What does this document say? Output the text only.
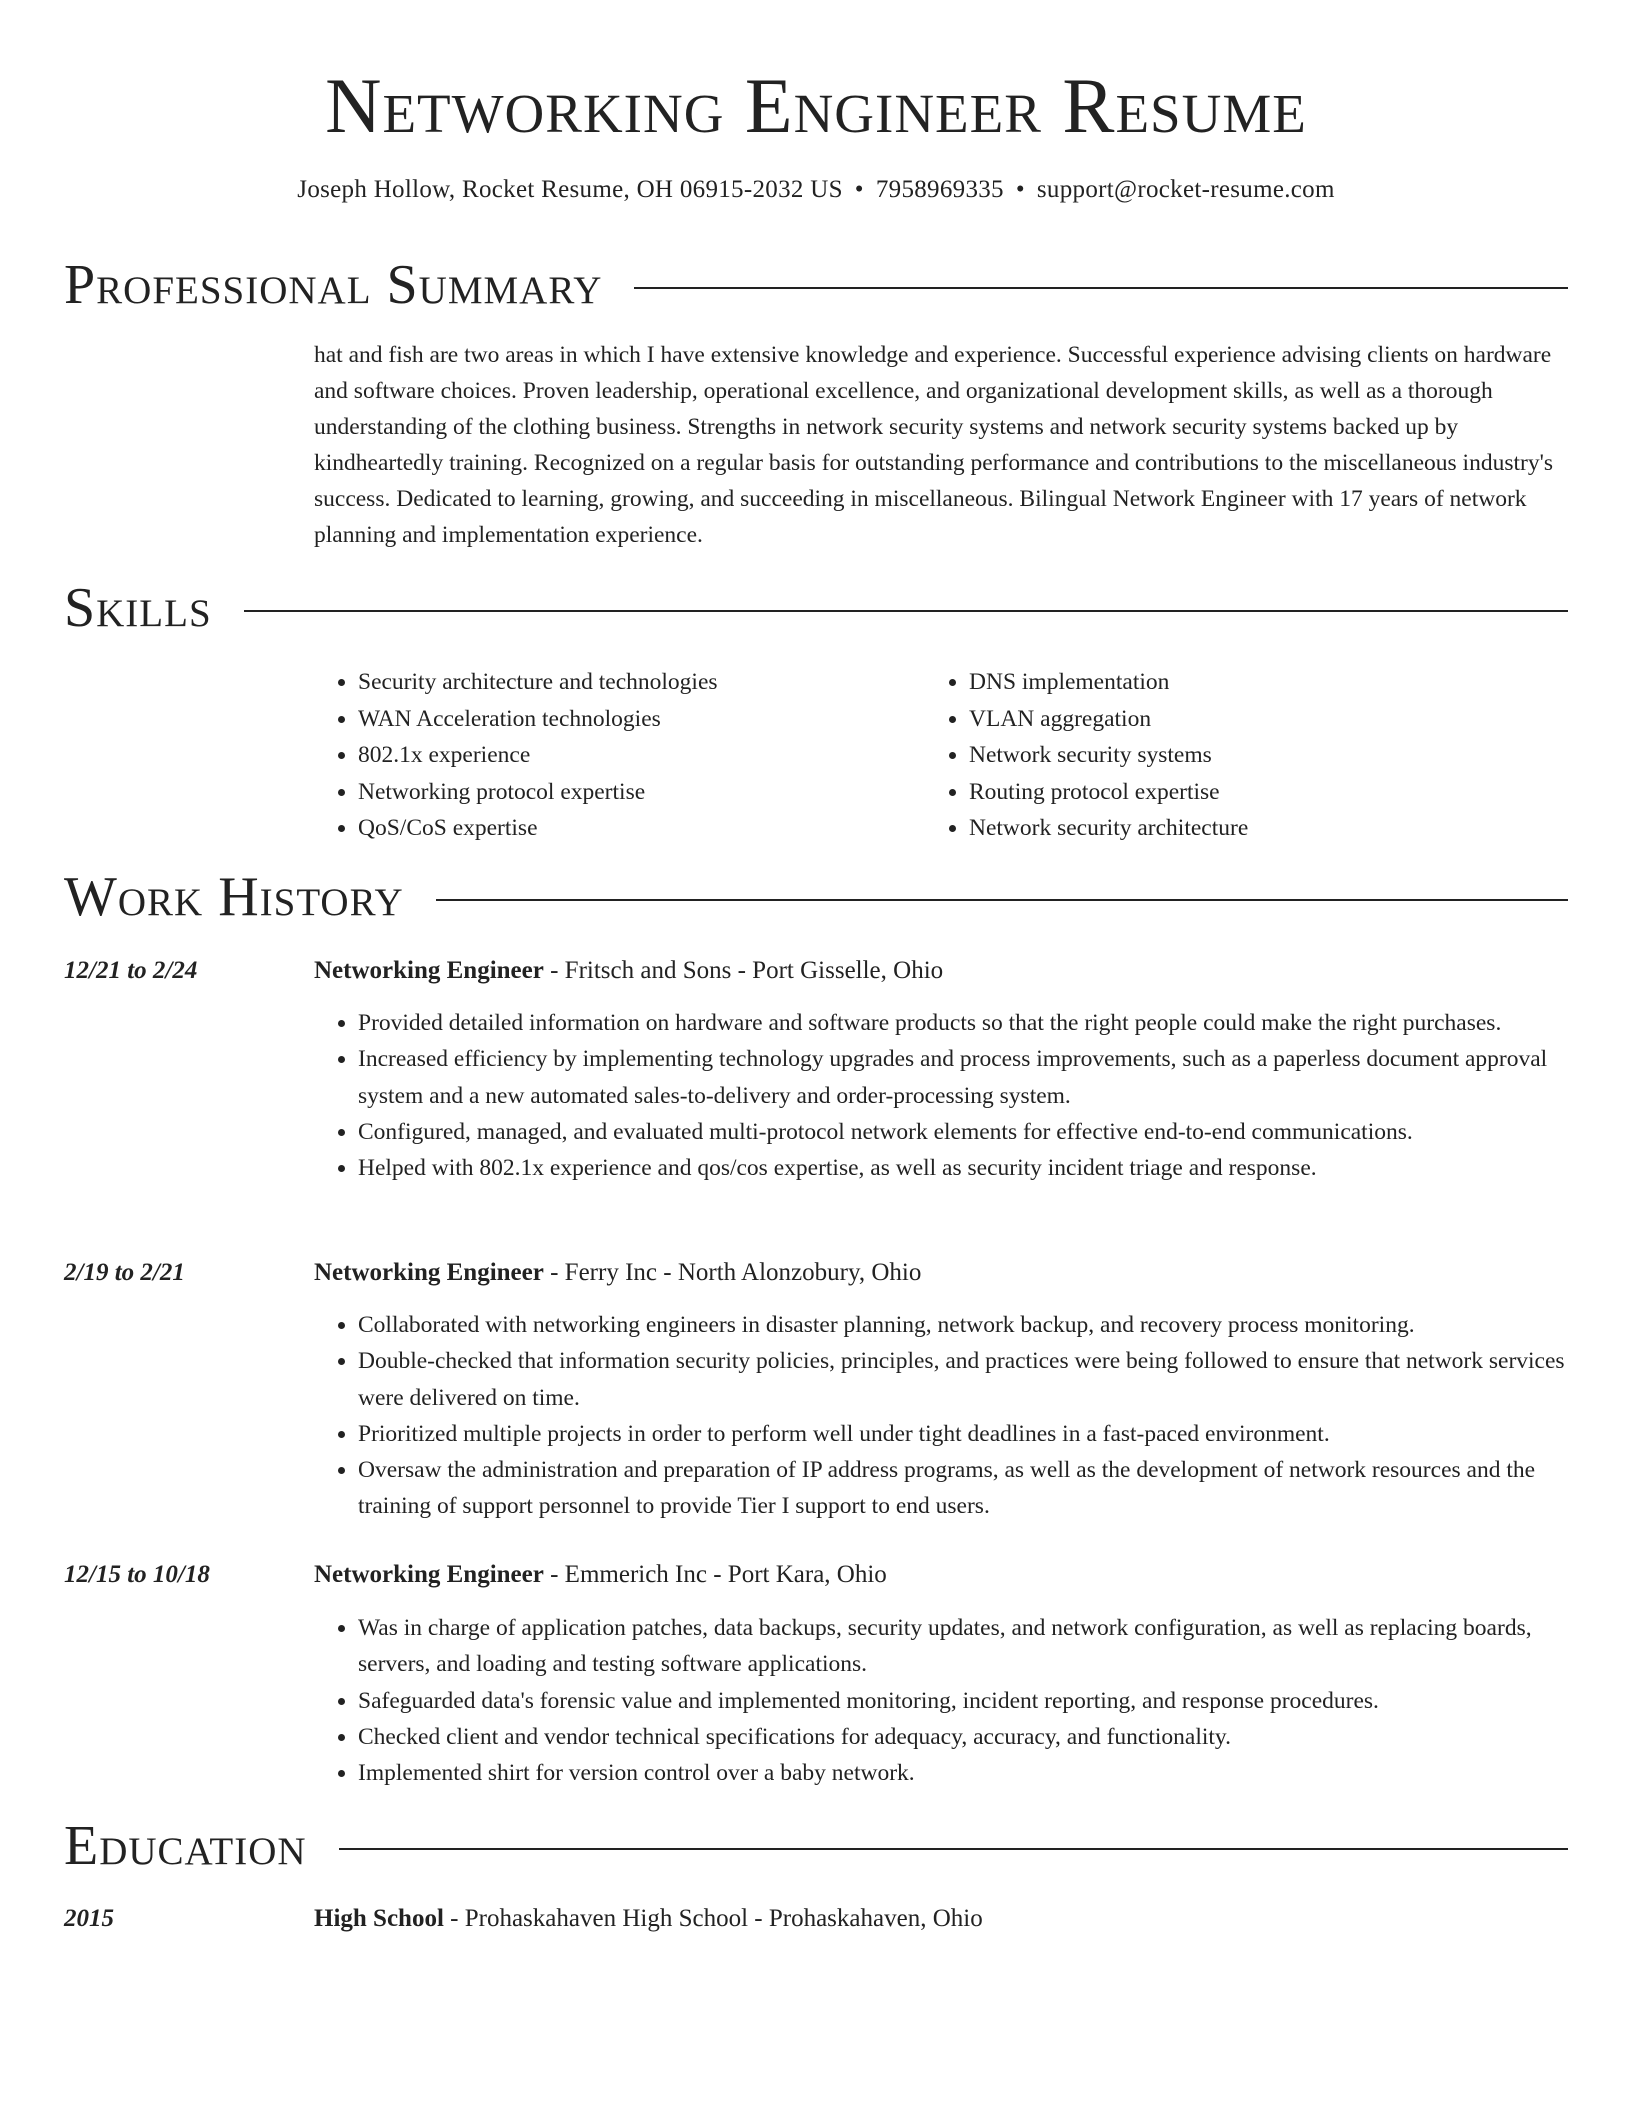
Networking Engineer Resume
Joseph Hollow, Rocket Resume, OH 06915-2032 US • 7958969335 • support@rocket-resume.com
Professional Summary

hat and fish are two areas in which I have extensive knowledge and experience. Successful experience advising clients on hardware and software choices. Proven leadership, operational excellence, and organizational development skills, as well as a thorough understanding of the clothing business. Strengths in network security systems and network security systems backed up by kindheartedly training. Recognized on a regular basis for outstanding performance and contributions to the miscellaneous industry's success. Dedicated to learning, growing, and succeeding in miscellaneous. Bilingual Network Engineer with 17 years of network planning and implementation experience.

Skills
• Security architecture and technologies
• WAN Acceleration technologies
• 802.1x experience
• Networking protocol expertise
• QoS/CoS expertise
• DNS implementation
• VLAN aggregation
• Network security systems
• Routing protocol expertise
• Network security architecture
Work History
12/21 to 2/24	Networking Engineer - Fritsch and Sons - Port Gisselle, Ohio
• Provided detailed information on hardware and software products so that the right people could make the right purchases.
• Increased efficiency by implementing technology upgrades and process improvements, such as a paperless document approval system and a new automated sales-to-delivery and order-processing system.
• Configured, managed, and evaluated multi-protocol network elements for effective end-to-end communications.
• Helped with 802.1x experience and qos/cos expertise, as well as security incident triage and response.
2/19 to 2/21	Networking Engineer - Ferry Inc - North Alonzobury, Ohio
• Collaborated with networking engineers in disaster planning, network backup, and recovery process monitoring.
• Double-checked that information security policies, principles, and practices were being followed to ensure that network services were delivered on time.
• Prioritized multiple projects in order to perform well under tight deadlines in a fast-paced environment.
• Oversaw the administration and preparation of IP address programs, as well as the development of network resources and the training of support personnel to provide Tier I support to end users.
12/15 to 10/18	Networking Engineer - Emmerich Inc - Port Kara, Ohio
• Was in charge of application patches, data backups, security updates, and network configuration, as well as replacing boards, servers, and loading and testing software applications.
• Safeguarded data's forensic value and implemented monitoring, incident reporting, and response procedures.
• Checked client and vendor technical specifications for adequacy, accuracy, and functionality.
• Implemented shirt for version control over a baby network.
Education
2015	High School - Prohaskahaven High School - Prohaskahaven, Ohio
